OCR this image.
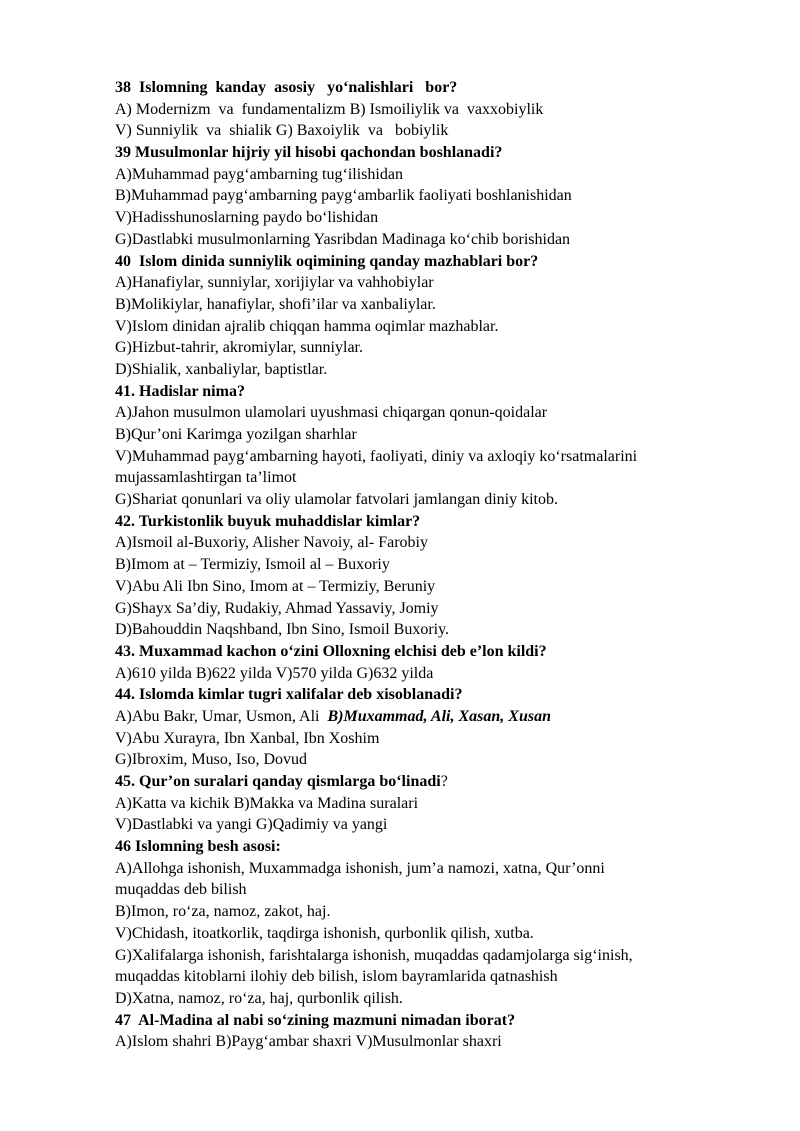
38  Islomning  kanday  asosiy   yo‘nalishlari   bor?
A) Modernizm  va  fundamentalizm B) Ismoiliylik va  vaxxobiylik
V) Sunniylik  va  shialik G) Baxoiylik  va   bobiylik
39 Musulmonlar hijriy yil hisobi qachondan boshlanadi?
A)Muhammad payg‘ambarning tug‘ilishidan
B)Muhammad payg‘ambarning payg‘ambarlik faoliyati boshlanishidan
V)Hadisshunoslarning paydo bo‘lishidan
G)Dastlabki musulmonlarning Yasribdan Madinaga ko‘chib borishidan
40  Islom dinida sunniylik oqimining qanday mazhablari bor?
A)Hanafiylar, sunniylar, xorijiylar va vahhobiylar
B)Molikiylar, hanafiylar, shofi’ilar va xanbaliylar.
V)Islom dinidan ajralib chiqqan hamma oqimlar mazhablar.
G)Hizbut-tahrir, akromiylar, sunniylar.
D)Shialik, xanbaliylar, baptistlar.
41. Hadislar nima?
A)Jahon musulmon ulamolari uyushmasi chiqargan qonun-qoidalar
B)Qur’oni Karimga yozilgan sharhlar
V)Muhammad payg‘ambarning hayoti, faoliyati, diniy va axloqiy ko‘rsatmalarini
mujassamlashtirgan ta’limot
G)Shariat qonunlari va oliy ulamolar fatvolari jamlangan diniy kitob.
42. Turkistonlik buyuk muhaddislar kimlar?
A)Ismoil al-Buxoriy, Alisher Navoiy, al- Farobiy
B)Imom at – Termiziy, Ismoil al – Buxoriy
V)Abu Ali Ibn Sino, Imom at – Termiziy, Beruniy
G)Shayx Sa’diy, Rudakiy, Ahmad Yassaviy, Jomiy
D)Bahouddin Naqshband, Ibn Sino, Ismoil Buxoriy.
43. Muxammad kachon o‘zini Olloxning elchisi deb e’lon kildi?
A)610 yilda B)622 yilda V)570 yilda G)632 yilda
44. Islomda kimlar tugri xalifalar deb xisoblanadi?
A)Abu Bakr, Umar, Usmon, Ali  B)Muxammad, Ali, Xasan, Xusan
V)Abu Xurayra, Ibn Xanbal, Ibn Xoshim
G)Ibroxim, Muso, Iso, Dovud
45. Qur’on suralari qanday qismlarga bo‘linadi?
A)Katta va kichik B)Makka va Madina suralari
V)Dastlabki va yangi G)Qadimiy va yangi
46 Islomning besh asosi:
A)Allohga ishonish, Muxammadga ishonish, jum’a namozi, xatna, Qur’onni
muqaddas deb bilish
B)Imon, ro‘za, namoz, zakot, haj.
V)Chidash, itoatkorlik, taqdirga ishonish, qurbonlik qilish, xutba.
G)Xalifalarga ishonish, farishtalarga ishonish, muqaddas qadamjolarga sig‘inish,
muqaddas kitoblarni ilohiy deb bilish, islom bayramlarida qatnashish
D)Xatna, namoz, ro‘za, haj, qurbonlik qilish.
47  Al-Madina al nabi so‘zining mazmuni nimadan iborat?
A)Islom shahri B)Payg‘ambar shaxri V)Musulmonlar shaxri
